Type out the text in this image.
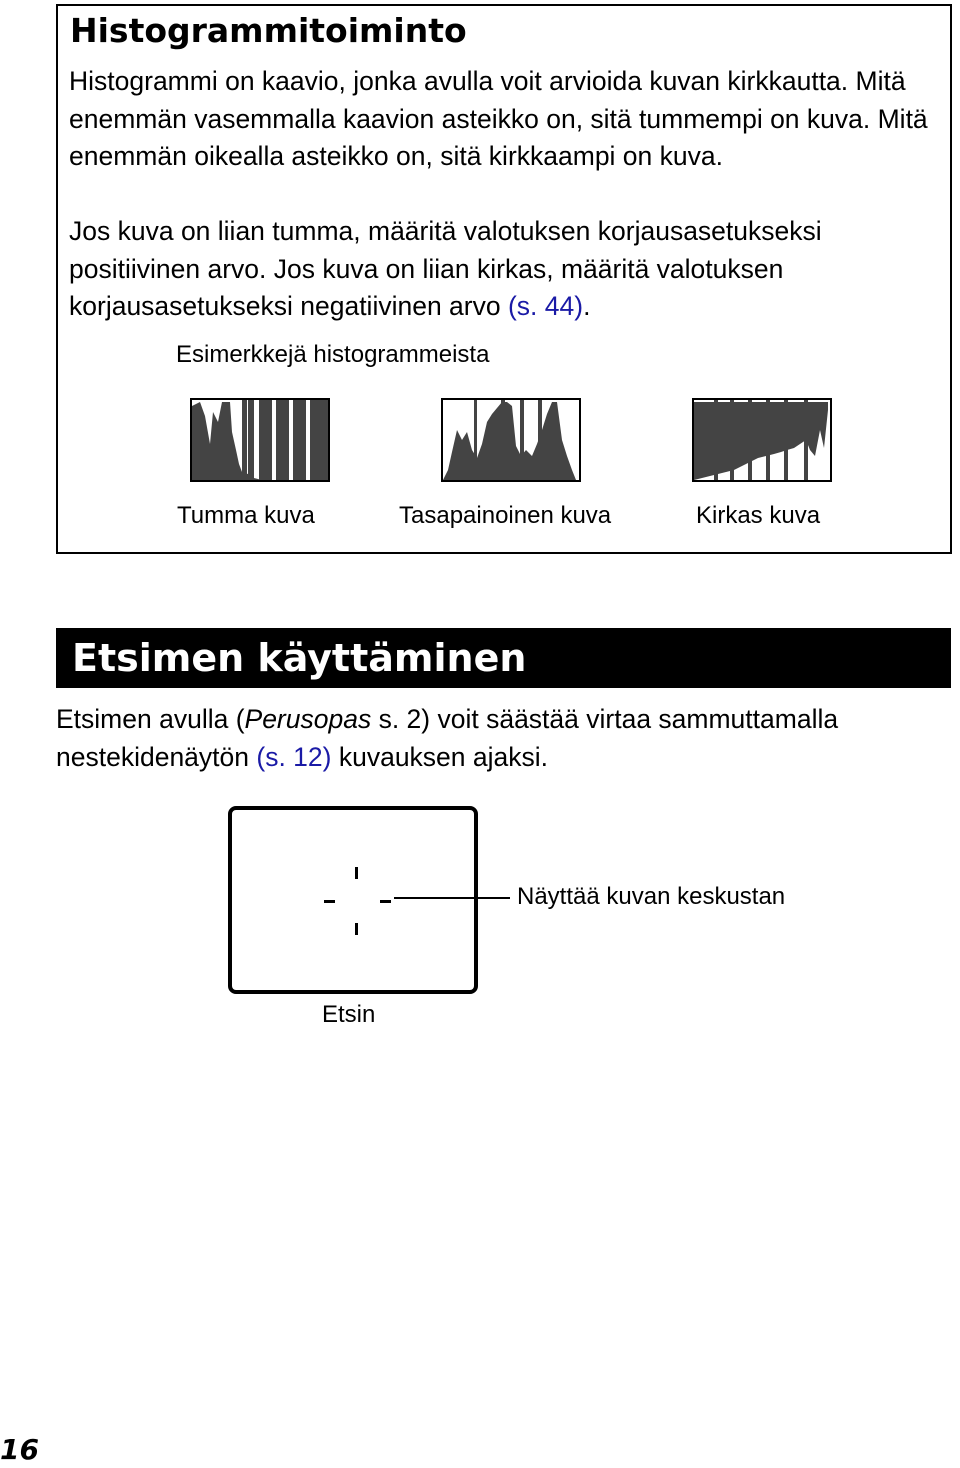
Histogrammitoiminto

Histogrammi on kaavio, jonka avulla voit arvioida kuvan kirkkautta. Mitä enemmän vasemmalla kaavion asteikko on, sitä tummempi on kuva. Mitä enemmän oikealla asteikko on, sitä kirkkaampi on kuva.

Jos kuva on liian tumma, määritä valotuksen korjausasetukseksi positiivinen arvo. Jos kuva on liian kirkas, määritä valotuksen korjausasetukseksi negatiivinen arvo (s. 44).

Esimerkkejä histogrammeista
Tumma kuva	Tasapainoinen kuva	Kirkas kuva
Etsimen käyttäminen

Etsimen avulla (Perusopas s. 2) voit säästää virtaa sammuttamalla nestekidenäytön (s. 12) kuvauksen ajaksi.

Näyttää kuvan keskustan
Etsin
16
